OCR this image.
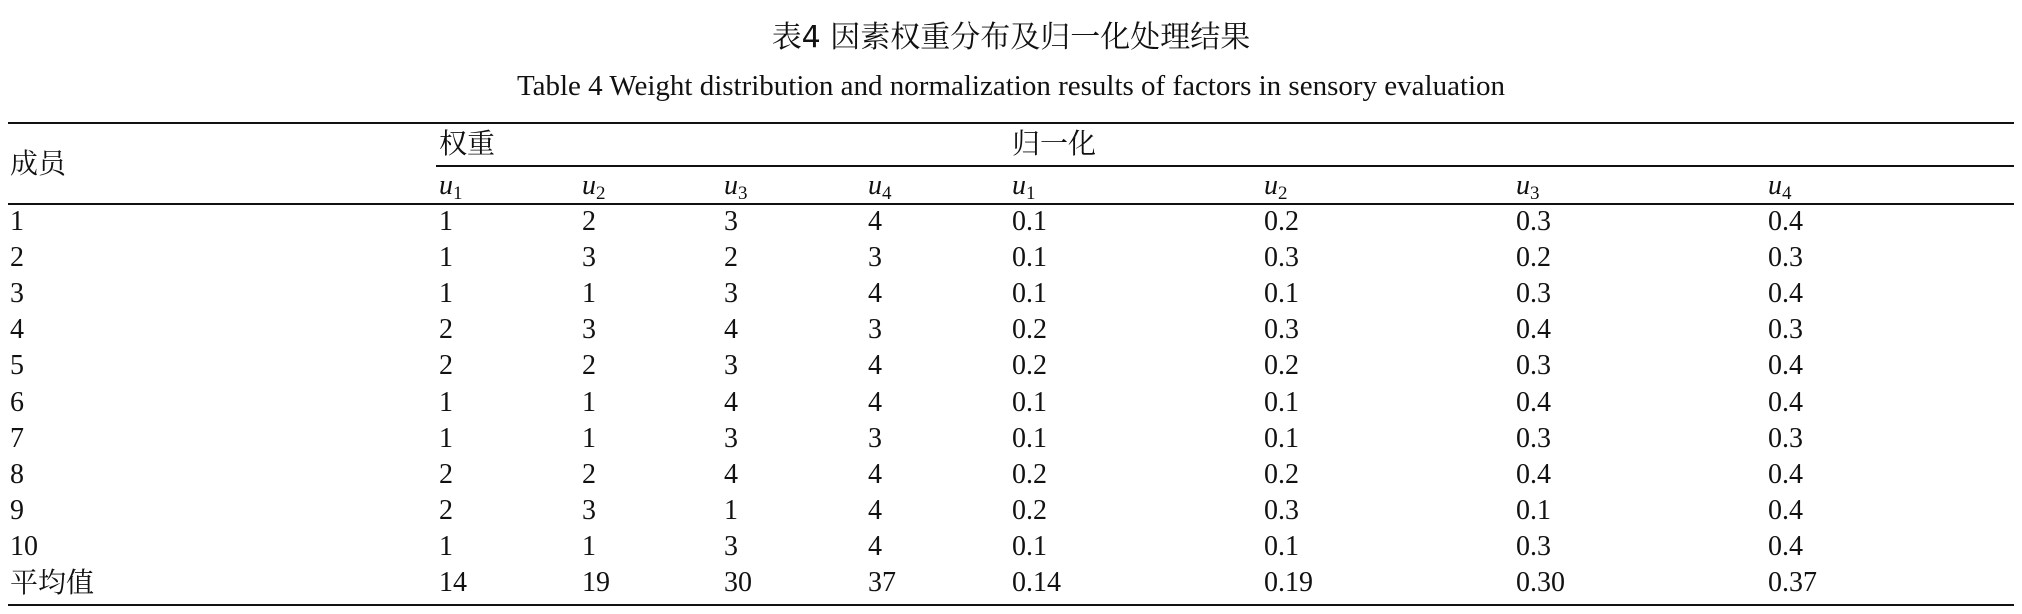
表4 因素权重分布及归一化处理结果
Table 4 Weight distribution and normalization results of factors in sensory evaluation
成员
权重	归一化
$u_1$	$u_2$	$u_3$	$u_4$	$u_1$	$u_2$	$u_3$	$u_4$
1	1	2	3	4	0.1	0.2	0.3	0.4
2	1	3	2	3	0.1	0.3	0.2	0.3
3	1	1	3	4	0.1	0.1	0.3	0.4
4	2	3	4	3	0.2	0.3	0.4	0.3
5	2	2	3	4	0.2	0.2	0.3	0.4
6	1	1	4	4	0.1	0.1	0.4	0.4
7	1	1	3	3	0.1	0.1	0.3	0.3
8	2	2	4	4	0.2	0.2	0.4	0.4
9	2	3	1	4	0.2	0.3	0.1	0.4
10	1	1	3	4	0.1	0.1	0.3	0.4
平均值	14	19	30	37	0.14	0.19	0.30	0.37
